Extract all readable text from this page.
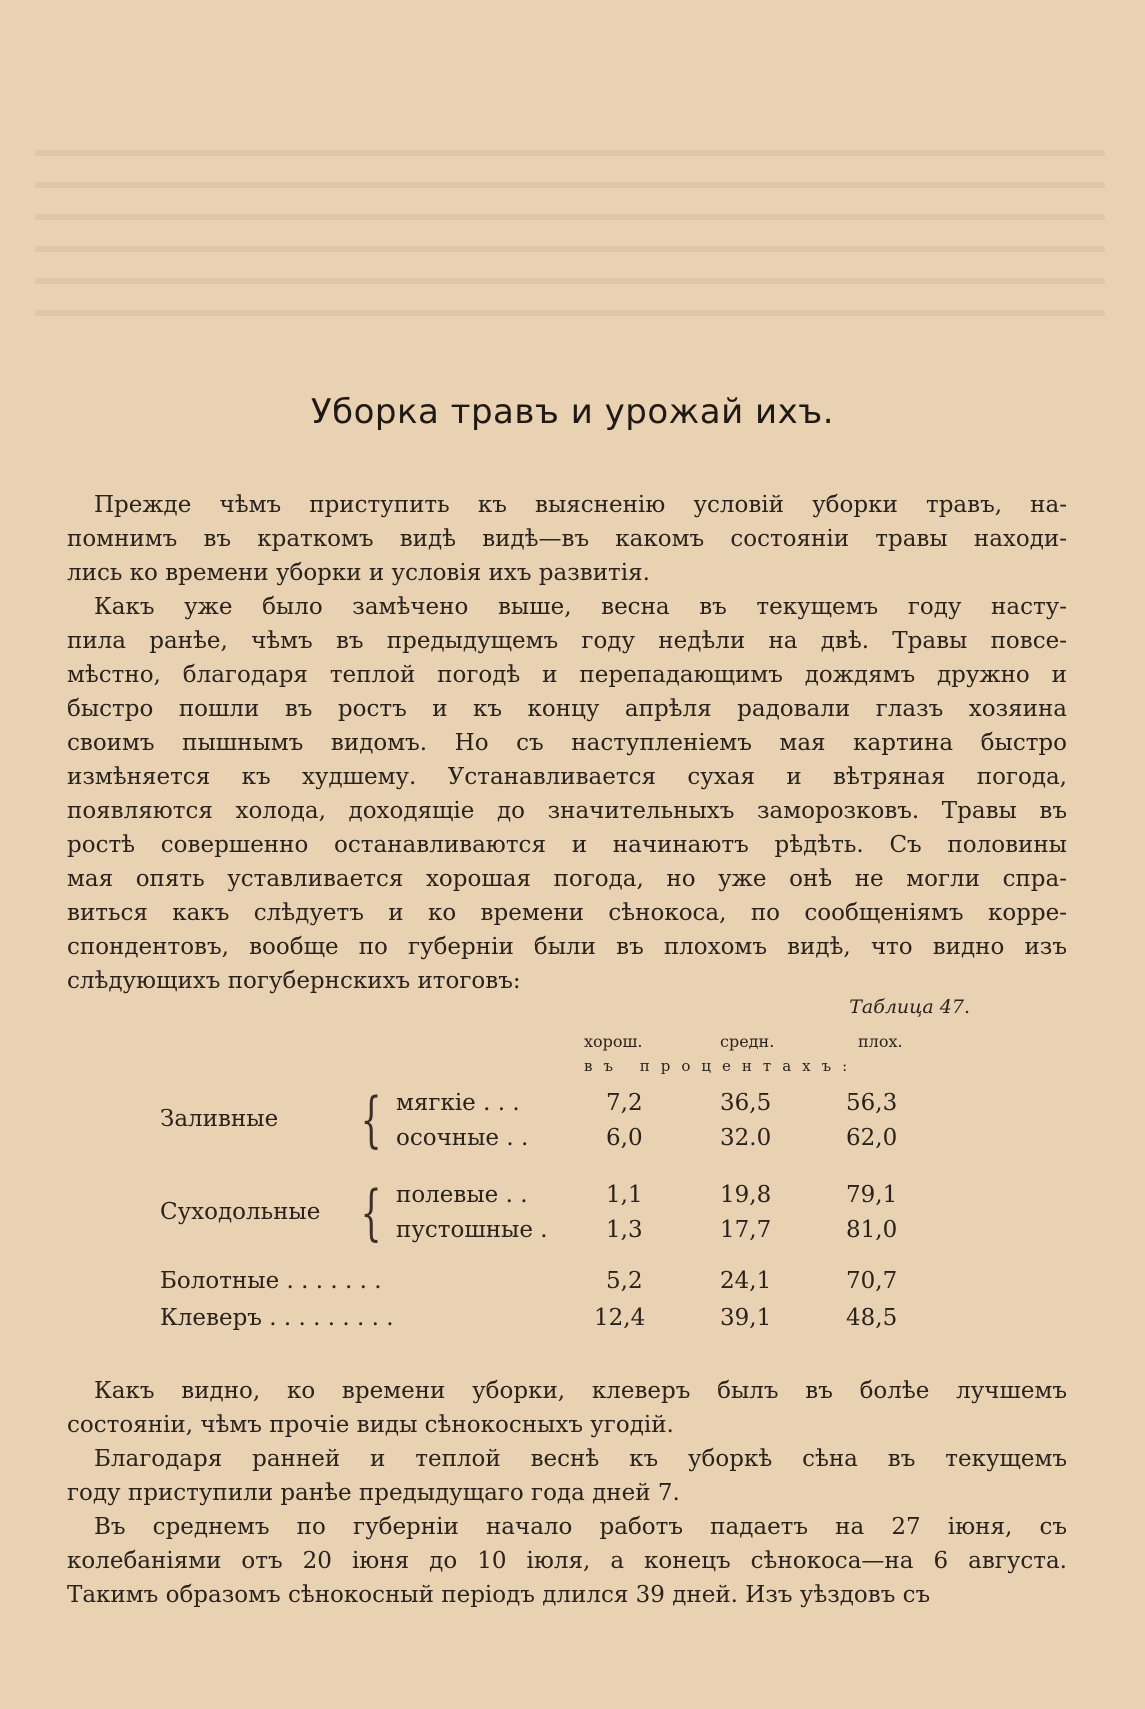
Уборка травъ и урожай ихъ.
Прежде чѣмъ приступить къ выясненію условій уборки травъ, на-
помнимъ въ краткомъ видѣ видѣ—въ какомъ состояніи травы находи-
лись ко времени уборки и условія ихъ развитія.
Какъ уже было замѣчено выше, весна въ текущемъ году насту-
пила ранѣе, чѣмъ въ предыдущемъ году недѣли на двѣ. Травы повсе-
мѣстно, благодаря теплой погодѣ и перепадающимъ дождямъ дружно и
быстро пошли въ ростъ и къ концу апрѣля радовали глазъ хозяина
своимъ пышнымъ видомъ. Но съ наступленіемъ мая картина быстро
измѣняется къ худшему. Устанавливается сухая и вѣтряная погода,
появляются холода, доходящіе до значительныхъ заморозковъ. Травы въ
ростѣ совершенно останавливаются и начинаютъ рѣдѣть. Съ половины
мая опять уставливается хорошая погода, но уже онѣ не могли спра-
виться какъ слѣдуетъ и ко времени сѣнокоса, по сообщеніямъ корре-
спондентовъ, вообще по губерніи были въ плохомъ видѣ, что видно изъ
слѣдующихъ погубернскихъ итоговъ:
Таблица 47.
хорош.	средн.	плох.
въ процентахъ:
Заливные { мягкіе . . .	7,2	36,5	56,3
осочные . .	6,0	32.0	62,0
Суходольные { полевые . .	1,1	19,8	79,1
пустошные .	1,3	17,7	81,0
Болотные . . . . . . .	5,2	24,1	70,7
Клеверъ . . . . . . . . .	12,4	39,1	48,5
Какъ видно, ко времени уборки, клеверъ былъ въ болѣе лучшемъ
состояніи, чѣмъ прочіе виды сѣнокосныхъ угодій.
Благодаря ранней и теплой веснѣ къ уборкѣ сѣна въ текущемъ
году приступили ранѣе предыдущаго года дней 7.
Въ среднемъ по губерніи начало работъ падаетъ на 27 іюня, съ
колебаніями отъ 20 іюня до 10 іюля, а конецъ сѣнокоса—на 6 августа.
Такимъ образомъ сѣнокосный періодъ длился 39 дней. Изъ уѣздовъ съ
